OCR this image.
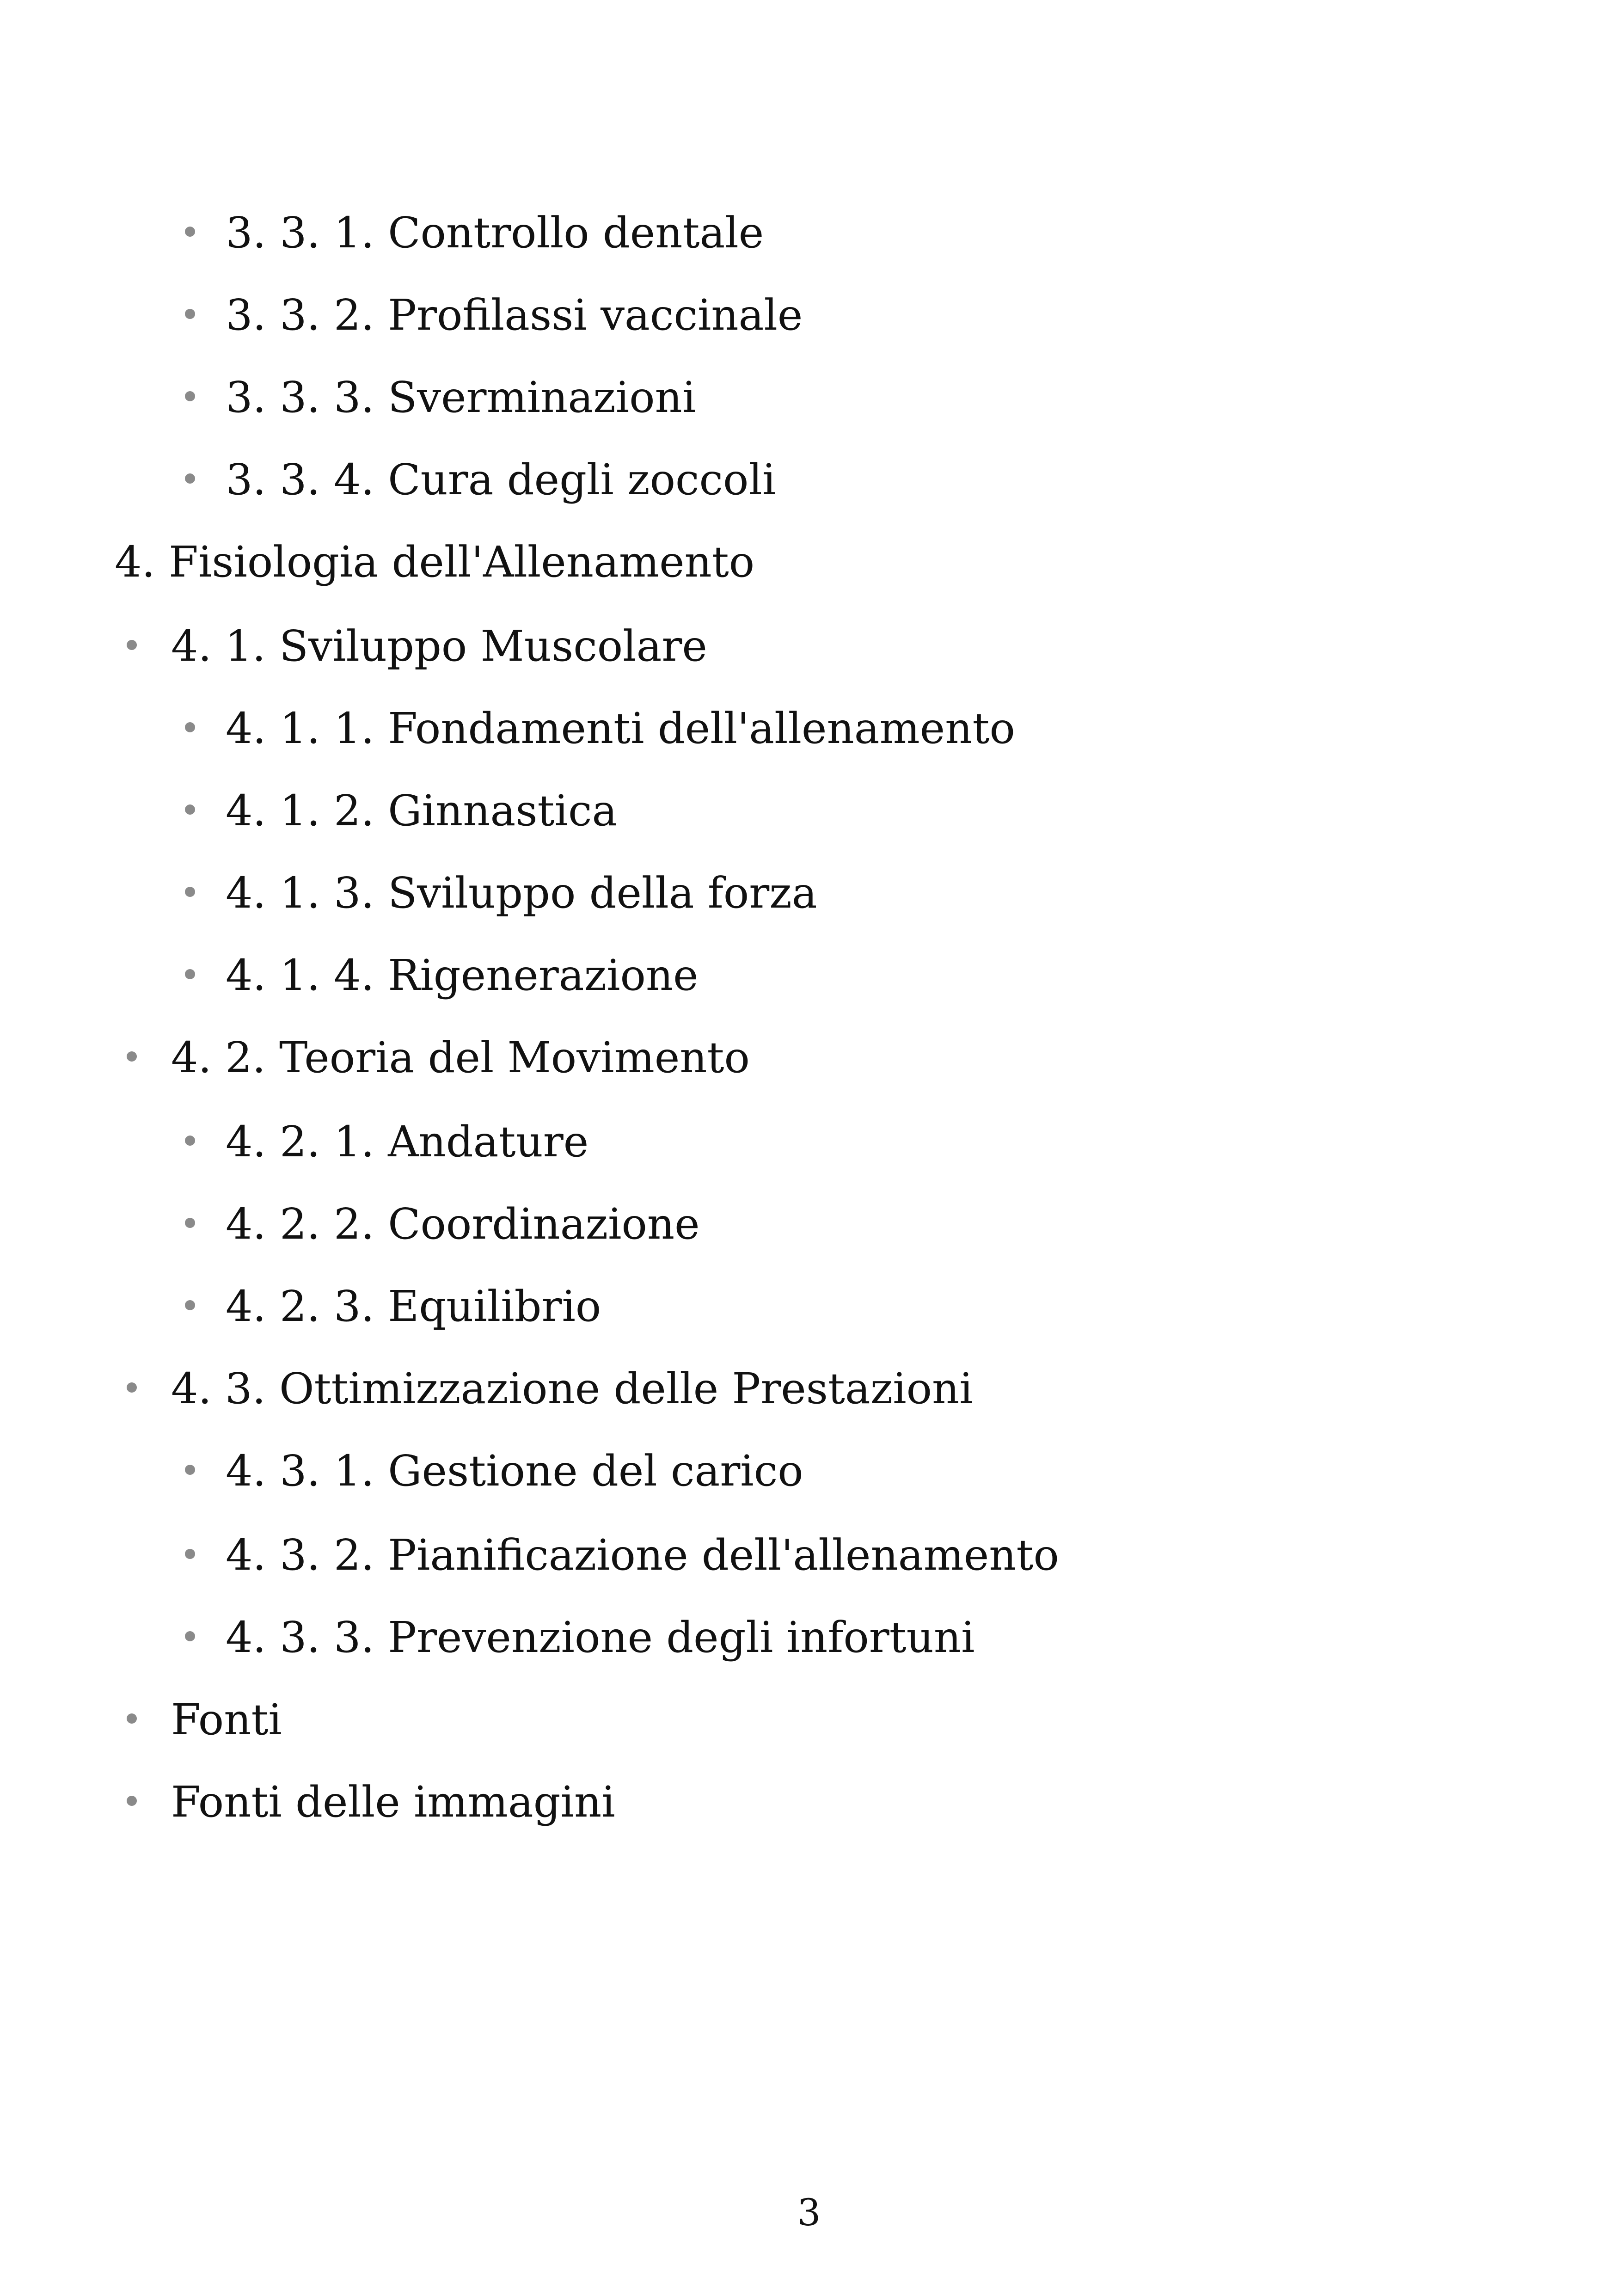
3. 3. 1. Controllo dentale
3. 3. 2. Profilassi vaccinale
3. 3. 3. Sverminazioni
3. 3. 4. Cura degli zoccoli
4. Fisiologia dell'Allenamento
4. 1. Sviluppo Muscolare
4. 1. 1. Fondamenti dell'allenamento
4. 1. 2. Ginnastica
4. 1. 3. Sviluppo della forza
4. 1. 4. Rigenerazione
4. 2. Teoria del Movimento
4. 2. 1. Andature
4. 2. 2. Coordinazione
4. 2. 3. Equilibrio
4. 3. Ottimizzazione delle Prestazioni
4. 3. 1. Gestione del carico
4. 3. 2. Pianificazione dell'allenamento
4. 3. 3. Prevenzione degli infortuni
Fonti
Fonti delle immagini
3
